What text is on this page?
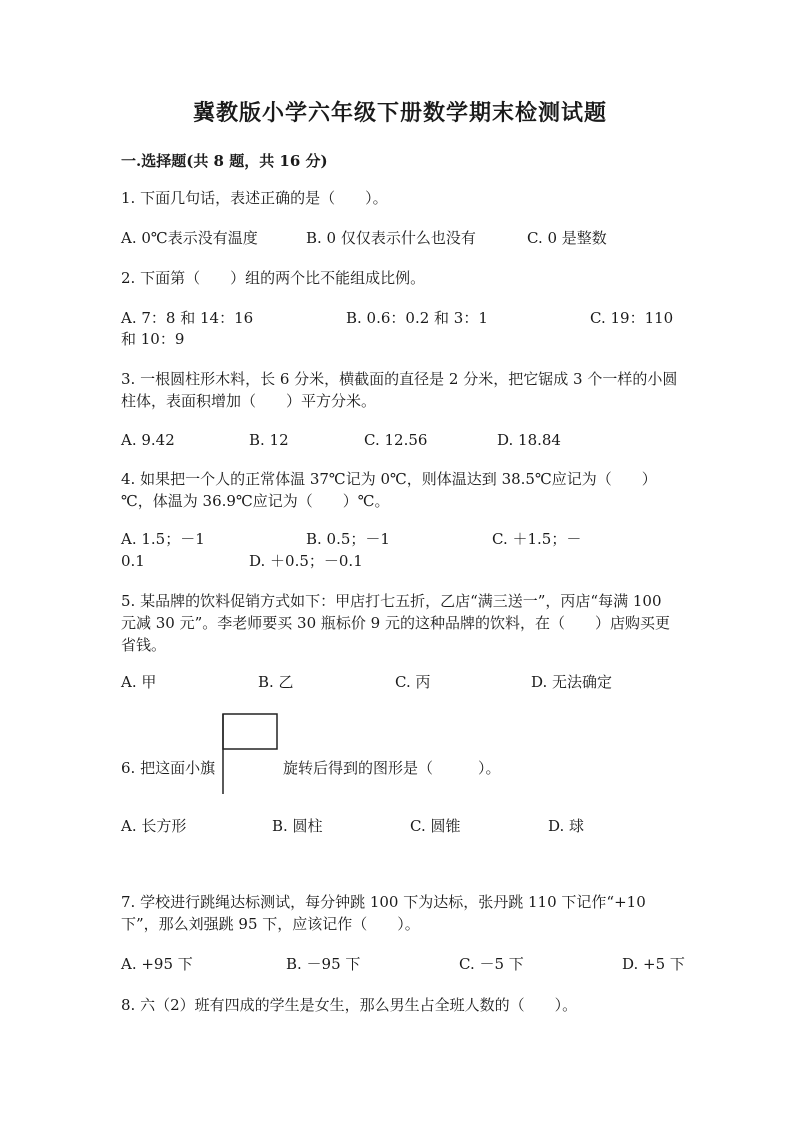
冀教版小学六年级下册数学期末检测试题
一.选择题(共 8 题，共 16 分)
1. 下面几句话，表述正确的是（　　）。
A. 0℃表示没有温度	B. 0 仅仅表示什么也没有	C. 0 是整数
2. 下面第（　　）组的两个比不能组成比例。
A. 7：8 和 14：16	B. 0.6：0.2 和 3：1	C. 19：110
和 10：9
3. 一根圆柱形木料，长 6 分米，横截面的直径是 2 分米，把它锯成 3 个一样的小圆柱体，表面积增加（　　）平方分米。
A. 9.42	B. 12	C. 12.56	D. 18.84
4. 如果把一个人的正常体温 37℃记为 0℃，则体温达到 38.5℃应记为（　　）℃，体温为 36.9℃应记为（　　）℃。
A. 1.5；－1	B. 0.5；－1	C. ＋1.5；－
0.1	D. ＋0.5；－0.1
5. 某品牌的饮料促销方式如下：甲店打七五折，乙店“满三送一”，丙店“每满 100 元减 30 元”。李老师要买 30 瓶标价 9 元的这种品牌的饮料，在（　　）店购买更省钱。
A. 甲	B. 乙	C. 丙	D. 无法确定
6. 把这面小旗	旋转后得到的图形是（　　　）。
A. 长方形	B. 圆柱	C. 圆锥	D. 球
7. 学校进行跳绳达标测试，每分钟跳 100 下为达标，张丹跳 110 下记作“+10 下”，那么刘强跳 95 下，应该记作（　　）。
A. +95 下	B. －95 下	C. －5 下	D. +5 下
8. 六（2）班有四成的学生是女生，那么男生占全班人数的（　　）。
